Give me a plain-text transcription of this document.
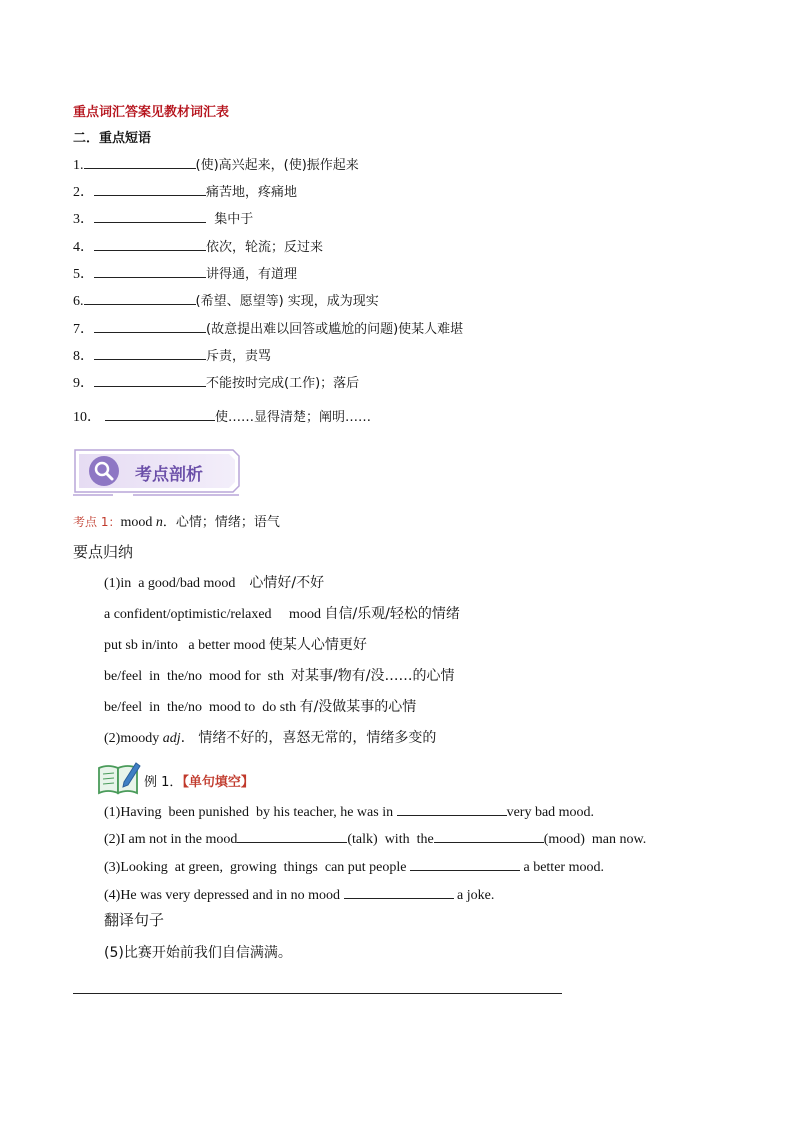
重点词汇答案见教材词汇表
二．重点短语
1.	(使)高兴起来，(使)振作起来
2．	痛苦地，疼痛地
3．	集中于
4．	依次，轮流；反过来
5．	讲得通，有道理
6.	(希望、愿望等) 实现，成为现实
7．	(故意提出难以回答或尴尬的问题)使某人难堪
8．	斥责，责骂
9．	不能按时完成(工作)；落后
10．	使……显得清楚；阐明……
考点剖析
考点 1：mood n．心情；情绪；语气
要点归纳
(1)in  a good/bad mood    心情好/不好
a confident/optimistic/relaxed     mood 自信/乐观/轻松的情绪
put sb in/into   a better mood 使某人心情更好
be/feel  in  the/no  mood for  sth  对某事/物有/没……的心情
be/feel  in  the/no  mood to  do sth 有/没做某事的心情
(2)moody adj.   情绪不好的，喜怒无常的，情绪多变的
例 1．【单句填空】
(1)Having  been punished  by his teacher, he was in	very bad mood.
(2)I am not in the mood	(talk)  with  the	(mood)  man now.
(3)Looking  at green,  growing  things  can put people	a better mood.
(4)He was very depressed and in no mood	a joke.
翻译句子
(5)比赛开始前我们自信满满。
